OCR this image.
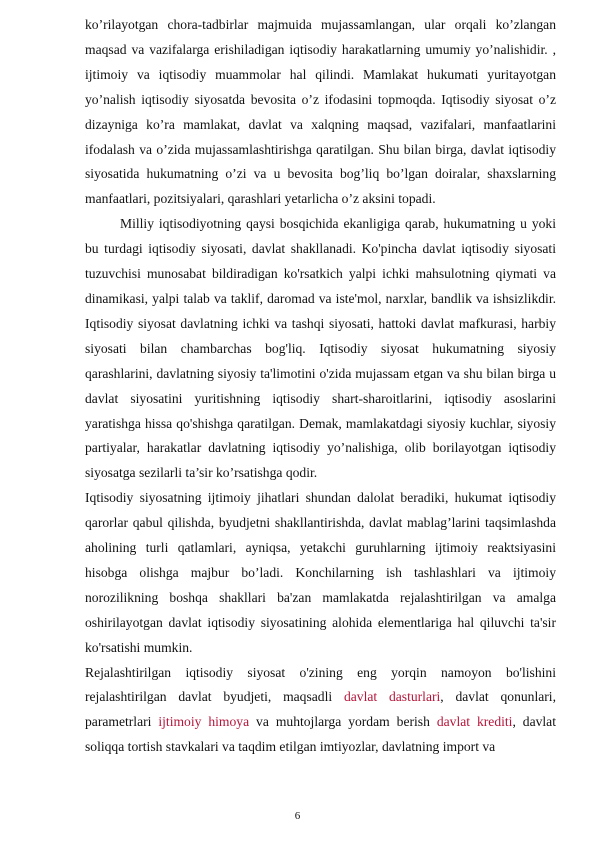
ko’rilayotgan chora-tadbirlar majmuida mujassamlangan, ular orqali ko’zlangan maqsad va vazifalarga erishiladigan iqtisodiy harakatlarning umumiy yo’nalishidir. , ijtimoiy va iqtisodiy muammolar hal qilindi. Mamlakat hukumati yuritayotgan yo’nalish iqtisodiy siyosatda bevosita o’z ifodasini topmoqda. Iqtisodiy siyosat o’z dizayniga ko’ra mamlakat, davlat va xalqning maqsad, vazifalari, manfaatlarini ifodalash va o’zida mujassamlashtirishga qaratilgan. Shu bilan birga, davlat iqtisodiy siyosatida hukumatning o’zi va u bevosita bog’liq bo’lgan doiralar, shaxslarning manfaatlari, pozitsiyalari, qarashlari yetarlicha o’z aksini topadi.

Milliy iqtisodiyotning qaysi bosqichida ekanligiga qarab, hukumatning u yoki bu turdagi iqtisodiy siyosati, davlat shakllanadi. Ko'pincha davlat iqtisodiy siyosati tuzuvchisi munosabat bildiradigan ko'rsatkich yalpi ichki mahsulotning qiymati va dinamikasi, yalpi talab va taklif, daromad va iste'mol, narxlar, bandlik va ishsizlikdir. Iqtisodiy siyosat davlatning ichki va tashqi siyosati, hattoki davlat mafkurasi, harbiy siyosati bilan chambarchas bog'liq. Iqtisodiy siyosat hukumatning siyosiy qarashlarini, davlatning siyosiy ta'limotini o'zida mujassam etgan va shu bilan birga u davlat siyosatini yuritishning iqtisodiy shart-sharoitlarini, iqtisodiy asoslarini yaratishga hissa qo'shishga qaratilgan. Demak, mamlakatdagi siyosiy kuchlar, siyosiy partiyalar, harakatlar davlatning iqtisodiy yo’nalishiga, olib borilayotgan iqtisodiy siyosatga sezilarli ta’sir ko’rsatishga qodir.

Iqtisodiy siyosatning ijtimoiy jihatlari shundan dalolat beradiki, hukumat iqtisodiy qarorlar qabul qilishda, byudjetni shakllantirishda, davlat mablag’larini taqsimlashda aholining turli qatlamlari, ayniqsa, yetakchi guruhlarning ijtimoiy reaktsiyasini hisobga olishga majbur bo’ladi. Konchilarning ish tashlashlari va ijtimoiy norozilikning boshqa shakllari ba'zan mamlakatda rejalashtirilgan va amalga oshirilayotgan davlat iqtisodiy siyosatining alohida elementlariga hal qiluvchi ta'sir ko'rsatishi mumkin.

Rejalashtirilgan iqtisodiy siyosat o'zining eng yorqin namoyon bo'lishini rejalashtirilgan davlat byudjeti, maqsadli davlat dasturlari, davlat qonunlari, parametrlari ijtimoiy himoya va muhtojlarga yordam berish davlat krediti, davlat soliqqa tortish stavkalari va taqdim etilgan imtiyozlar, davlatning import va

6
